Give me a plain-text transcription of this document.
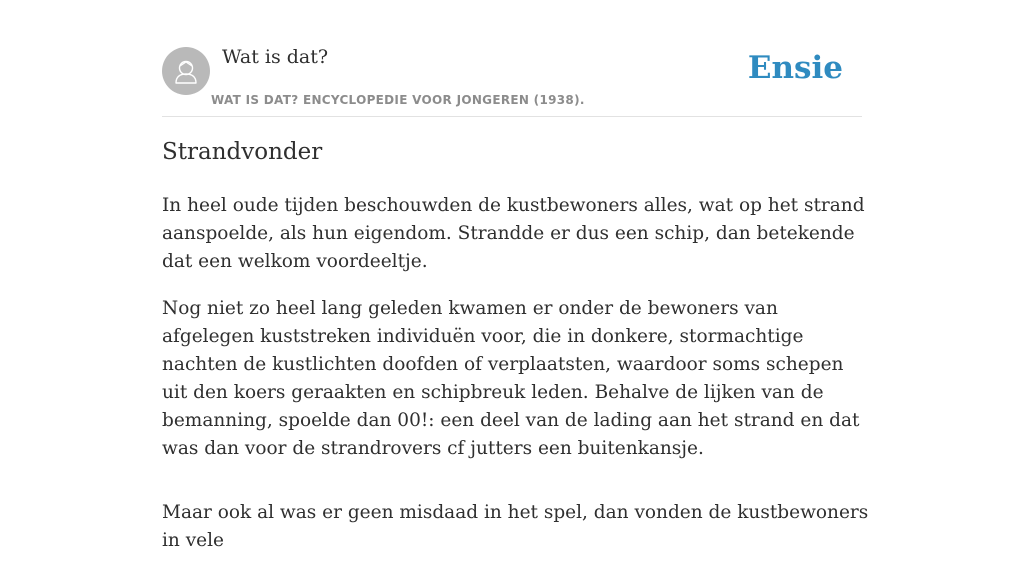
Wat is dat?
WAT IS DAT? ENCYCLOPEDIE VOOR JONGEREN (1938).
Ensie
Strandvonder

In heel oude tijden beschouwden de kustbewoners alles, wat op het strand aanspoelde, als hun eigendom. Strandde er dus een schip, dan betekende dat een welkom voordeeltje.

Nog niet zo heel lang geleden kwamen er onder de bewoners van afgelegen kuststreken individuën voor, die in donkere, stormachtige nachten de kustlichten doofden of verplaatsten, waardoor soms schepen uit den koers geraakten en schipbreuk leden. Behalve de lijken van de bemanning, spoelde dan 00!: een deel van de lading aan het strand en dat was dan voor de strandrovers cf jutters een buitenkansje.

Maar ook al was er geen misdaad in het spel, dan vonden de kustbewoners in vele
